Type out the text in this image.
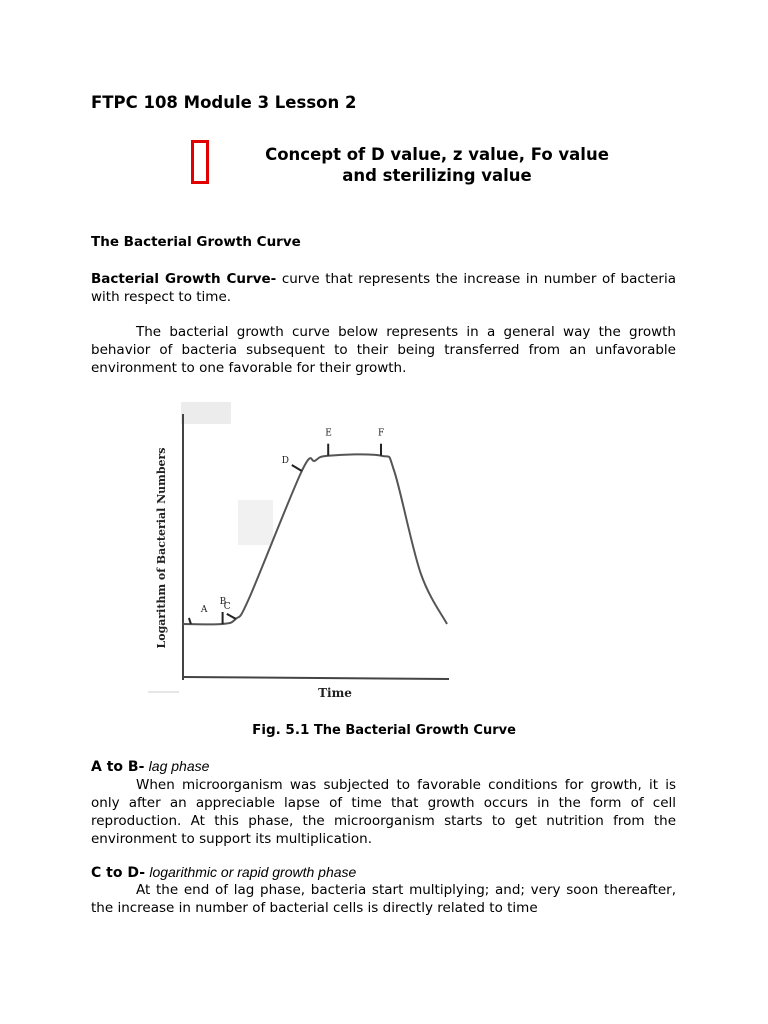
FTPC 108 Module 3 Lesson 2
Concept of D value, z value, Fo value and sterilizing value
The Bacterial Growth Curve
Bacterial Growth Curve- curve that represents the increase in number of bacteria with respect to time.
The bacterial growth curve below represents in a general way the growth behavior of bacteria subsequent to their being transferred from an unfavorable environment to one favorable for their growth.
A
B
C
D
E	F
Logarithm of Bacterial Numbers
Time
Fig. 5.1 The Bacterial Growth Curve
A to B- lag phase
When microorganism was subjected to favorable conditions for growth, it is only after an appreciable lapse of time that growth occurs in the form of cell reproduction. At this phase, the microorganism starts to get nutrition from the environment to support its multiplication.
C to D- logarithmic or rapid growth phase
At the end of lag phase, bacteria start multiplying; and; very soon thereafter, the increase in number of bacterial cells is directly related to time
